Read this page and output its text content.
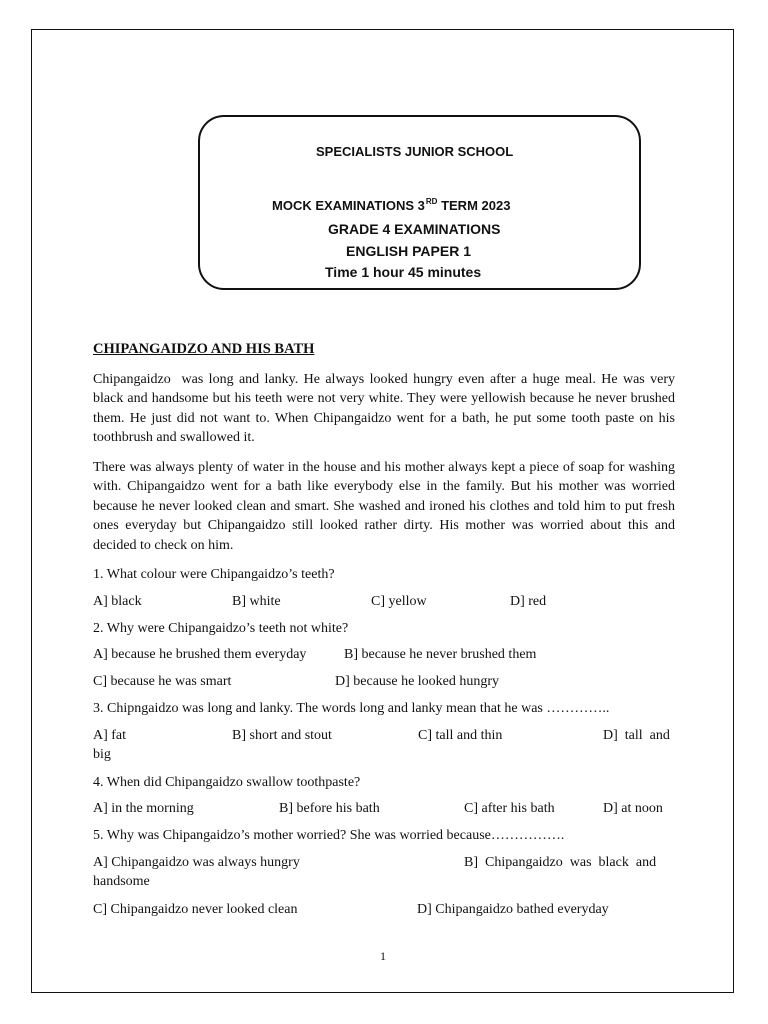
SPECIALISTS JUNIOR SCHOOL
MOCK EXAMINATIONS 3RD TERM 2023
GRADE 4 EXAMINATIONS
ENGLISH PAPER 1
Time 1 hour 45 minutes
CHIPANGAIDZO AND HIS BATH

Chipangaidzo  was long and lanky. He always looked hungry even after a huge meal. He was very black and handsome but his teeth were not very white. They were yellowish because he never brushed them. He just did not want to. When Chipangaidzo went for a bath, he put some tooth paste on his toothbrush and swallowed it.

There was always plenty of water in the house and his mother always kept a piece of soap for washing with. Chipangaidzo went for a bath like everybody else in the family. But his mother was worried because he never looked clean and smart. She washed and ironed his clothes and told him to put fresh ones everyday but Chipangaidzo still looked rather dirty. His mother was worried about this and decided to check on him.

1. What colour were Chipangaidzo’s teeth?
A] black	B] white	C] yellow	D] red
2. Why were Chipangaidzo’s teeth not white?
A] because he brushed them everyday	B] because he never brushed them
C] because he was smart	D] because he looked hungry
3. Chipngaidzo was long and lanky. The words long and lanky mean that he was …………..
A] fat	B] short and stout	C] tall and thin	D]  tall  and
big
4. When did Chipangaidzo swallow toothpaste?
A] in the morning	B] before his bath	C] after his bath	D] at noon
5. Why was Chipangaidzo’s mother worried? She was worried because…………….
A] Chipangaidzo was always hungry	B]  Chipangaidzo  was  black  and
handsome
C] Chipangaidzo never looked clean	D] Chipangaidzo bathed everyday
1
